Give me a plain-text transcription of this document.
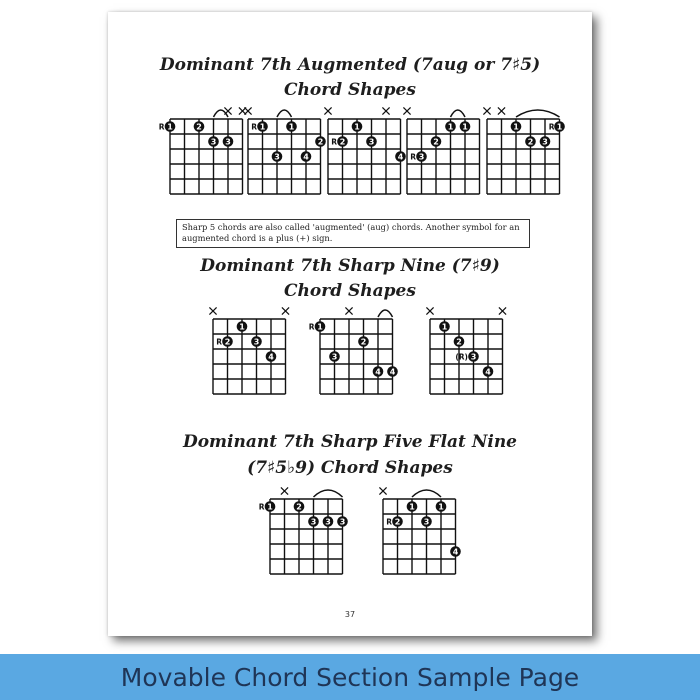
Dominant 7th Augmented (7aug or 7♯5)
Chord Shapes
Sharp 5 chords are also called 'augmented' (aug) chords. Another symbol for an augmented chord is a plus (+) sign.
Dominant 7th Sharp Nine (7♯9)
Chord Shapes
Dominant 7th Sharp Five Flat Nine
(7♯5♭9) Chord Shapes
1	2
3 3
R	1	1
2
3	4
R	1
2	3
4
R
1 1
2
3
R
1	1
2 3
R
1
2	3
4
R
1
2
3
4 4
R	1
2
3
4
(R)
1	2
3 3 3
R	1	1
2	3
4
R
37
Movable Chord Section Sample Page
